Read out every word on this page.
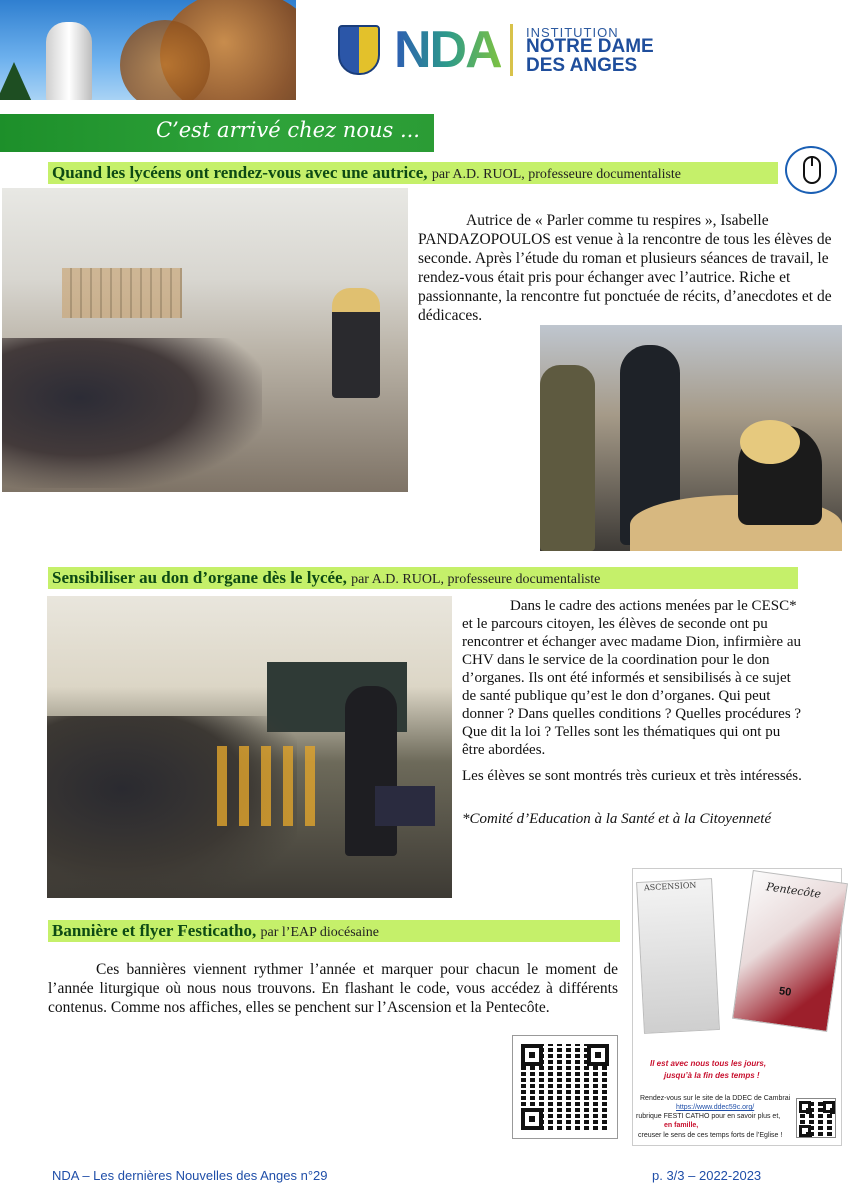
NDA INSTITUTION
NOTRE DAME
DES ANGES
C’est arrivé chez nous ...
Quand les lycéens ont rendez-vous avec une autrice, par A.D. RUOL, professeure documentaliste
Autrice de « Parler comme tu respires », Isabelle PANDAZOPOULOS est venue à la rencontre de tous les élèves de seconde. Après l’étude du roman et plusieurs séances de travail, le rendez-vous était pris pour échanger avec l’autrice. Riche et passionnante, la rencontre fut ponctuée de récits, d’anecdotes et de dédicaces.
Sensibiliser au don d’organe dès le lycée, par A.D. RUOL, professeure documentaliste
Dans le cadre des actions menées par le CESC* et le parcours citoyen, les élèves de seconde ont pu rencontrer et échanger avec madame Dion, infirmière au CHV dans le service de la coordination pour le don d’organes. Ils ont été informés et sensibilisés à ce sujet de santé publique qu’est le don d’organes. Qui peut donner ? Dans quelles conditions ? Quelles procédures ? Que dit la loi ? Telles sont les thématiques qui ont pu être abordées.
Les élèves se sont montrés très curieux et très intéressés.
*Comité d’Education à la Santé et à la Citoyenneté
Bannière et flyer Festicatho, par l’EAP diocésaine
Ces bannières viennent rythmer l’année et marquer pour chacun le moment de l’année liturgique où nous nous trouvons. En flashant le code, vous accédez à différents contenus. Comme nos affiches, elles se penchent sur l’Ascension et la Pentecôte.
ASCENSION	Pentecôte
50
Il est avec nous tous les jours,
jusqu’à la fin des temps !
Rendez-vous sur le site de la DDEC de Cambrai
https://www.ddec59c.org/
rubrique FESTI CATHO pour en savoir plus et,
en famille,
creuser le sens de ces temps forts de l’Eglise !
NDA – Les dernières Nouvelles des Anges n°29	p. 3/3 – 2022-2023
